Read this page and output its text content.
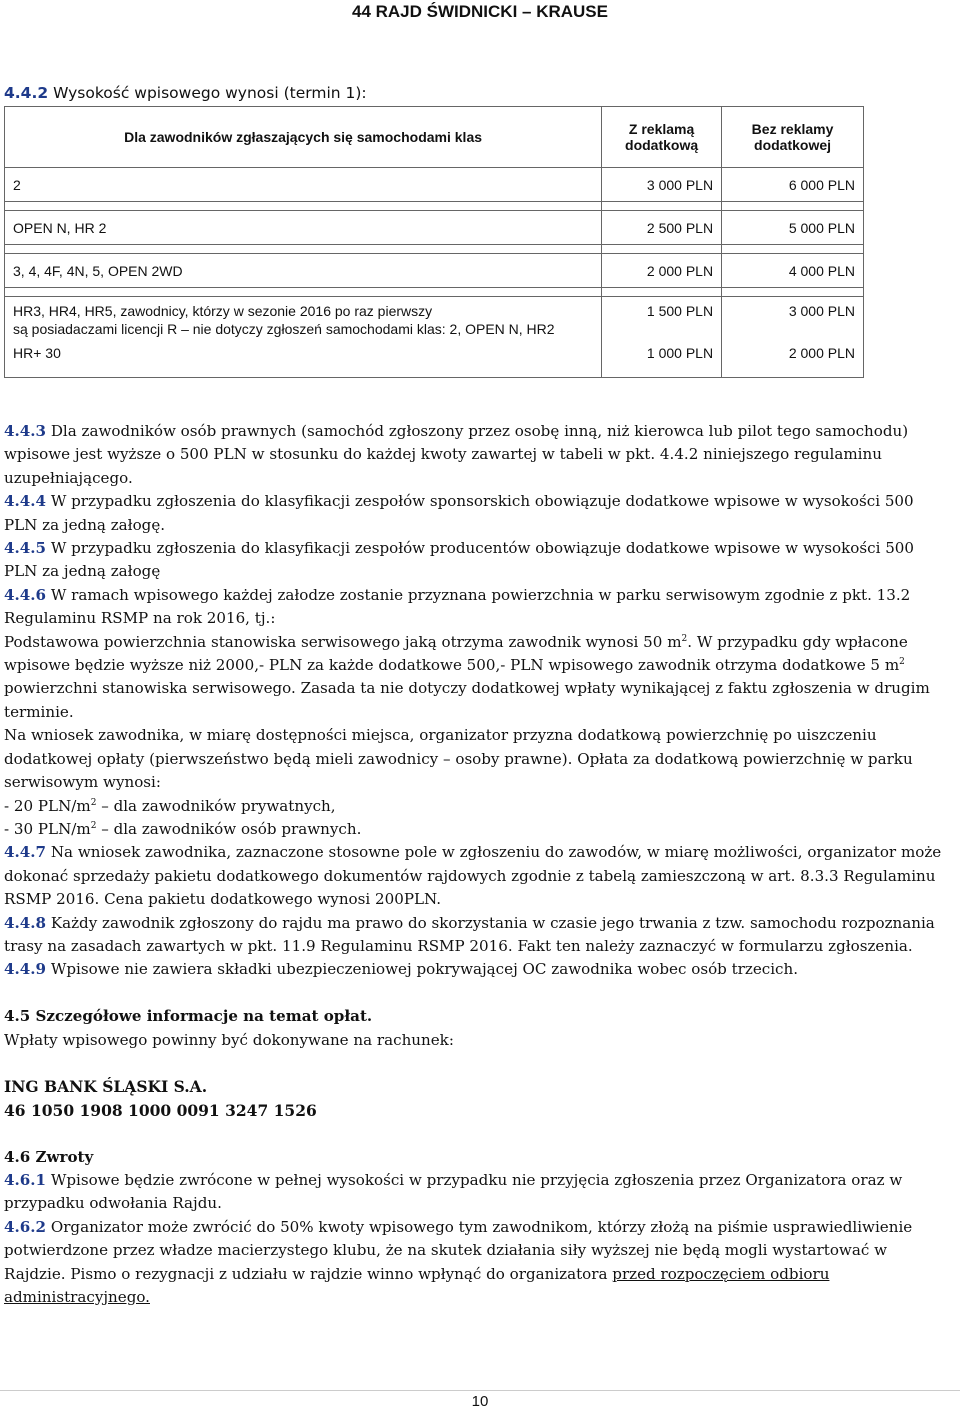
44 RAJD ŚWIDNICKI – KRAUSE
4.4.2 Wysokość wpisowego wynosi (termin 1):
Dla zawodników zgłaszających się samochodami klas	Z reklamą dodatkową	Bez reklamy dodatkowej
2	3 000 PLN	6 000 PLN

OPEN N, HR 2	2 500 PLN	5 000 PLN

3, 4, 4F, 4N, 5, OPEN 2WD	2 000 PLN	4 000 PLN

HR3, HR4, HR5, zawodnicy, którzy w sezonie 2016 po raz pierwszy
są posiadaczami licencji R – nie dotyczy zgłoszeń samochodami klas: 2, OPEN N, HR2	1 500 PLN	3 000 PLN
HR+ 30	1 000 PLN	2 000 PLN

4.4.3 Dla zawodników osób prawnych (samochód zgłoszony przez osobę inną, niż kierowca lub pilot tego samochodu) wpisowe jest wyższe o 500 PLN w stosunku do każdej kwoty zawartej w tabeli w pkt. 4.4.2 niniejszego regulaminu uzupełniającego.

4.4.4 W przypadku zgłoszenia do klasyfikacji zespołów sponsorskich obowiązuje dodatkowe wpisowe w wysokości 500 PLN za jedną załogę.

4.4.5 W przypadku zgłoszenia do klasyfikacji zespołów producentów obowiązuje dodatkowe wpisowe w wysokości 500 PLN za jedną załogę

4.4.6 W ramach wpisowego każdej załodze zostanie przyznana powierzchnia w parku serwisowym zgodnie z pkt. 13.2 Regulaminu RSMP na rok 2016, tj.:

Podstawowa powierzchnia stanowiska serwisowego jaką otrzyma zawodnik wynosi 50 $m^2$. W przypadku gdy wpłacone wpisowe będzie wyższe niż 2000,- PLN za każde dodatkowe 500,- PLN wpisowego zawodnik otrzyma dodatkowe 5 $m^2$ powierzchni stanowiska serwisowego. Zasada ta nie dotyczy dodatkowej wpłaty wynikającej z faktu zgłoszenia w drugim terminie.

Na wniosek zawodnika, w miarę dostępności miejsca, organizator przyzna dodatkową powierzchnię po uiszczeniu dodatkowej opłaty (pierwszeństwo będą mieli zawodnicy – osoby prawne). Opłata za dodatkową powierzchnię w parku serwisowym wynosi:

- 20 PLN/$m^2$ – dla zawodników prywatnych,

- 30 PLN/$m^2$ – dla zawodników osób prawnych.

4.4.7 Na wniosek zawodnika, zaznaczone stosowne pole w zgłoszeniu do zawodów, w miarę możliwości, organizator może dokonać sprzedaży pakietu dodatkowego dokumentów rajdowych zgodnie z tabelą zamieszczoną w art. 8.3.3 Regulaminu RSMP 2016. Cena pakietu dodatkowego wynosi 200PLN.

4.4.8 Każdy zawodnik zgłoszony do rajdu ma prawo do skorzystania w czasie jego trwania z tzw. samochodu rozpoznania trasy na zasadach zawartych w pkt. 11.9 Regulaminu RSMP 2016. Fakt ten należy zaznaczyć w formularzu zgłoszenia.

4.4.9 Wpisowe nie zawiera składki ubezpieczeniowej pokrywającej OC zawodnika wobec osób trzecich.

4.5 Szczegółowe informacje na temat opłat.

Wpłaty wpisowego powinny być dokonywane na rachunek:

ING BANK ŚLĄSKI S.A.

46 1050 1908 1000 0091 3247 1526

4.6 Zwroty

4.6.1 Wpisowe będzie zwrócone w pełnej wysokości w przypadku nie przyjęcia zgłoszenia przez Organizatora oraz w przypadku odwołania Rajdu.

4.6.2 Organizator może zwrócić do 50% kwoty wpisowego tym zawodnikom, którzy złożą na piśmie usprawiedliwienie potwierdzone przez władze macierzystego klubu, że na skutek działania siły wyższej nie będą mogli wystartować w Rajdzie. Pismo o rezygnacji z udziału w rajdzie winno wpłynąć do organizatora przed rozpoczęciem odbioru administracyjnego.

10
